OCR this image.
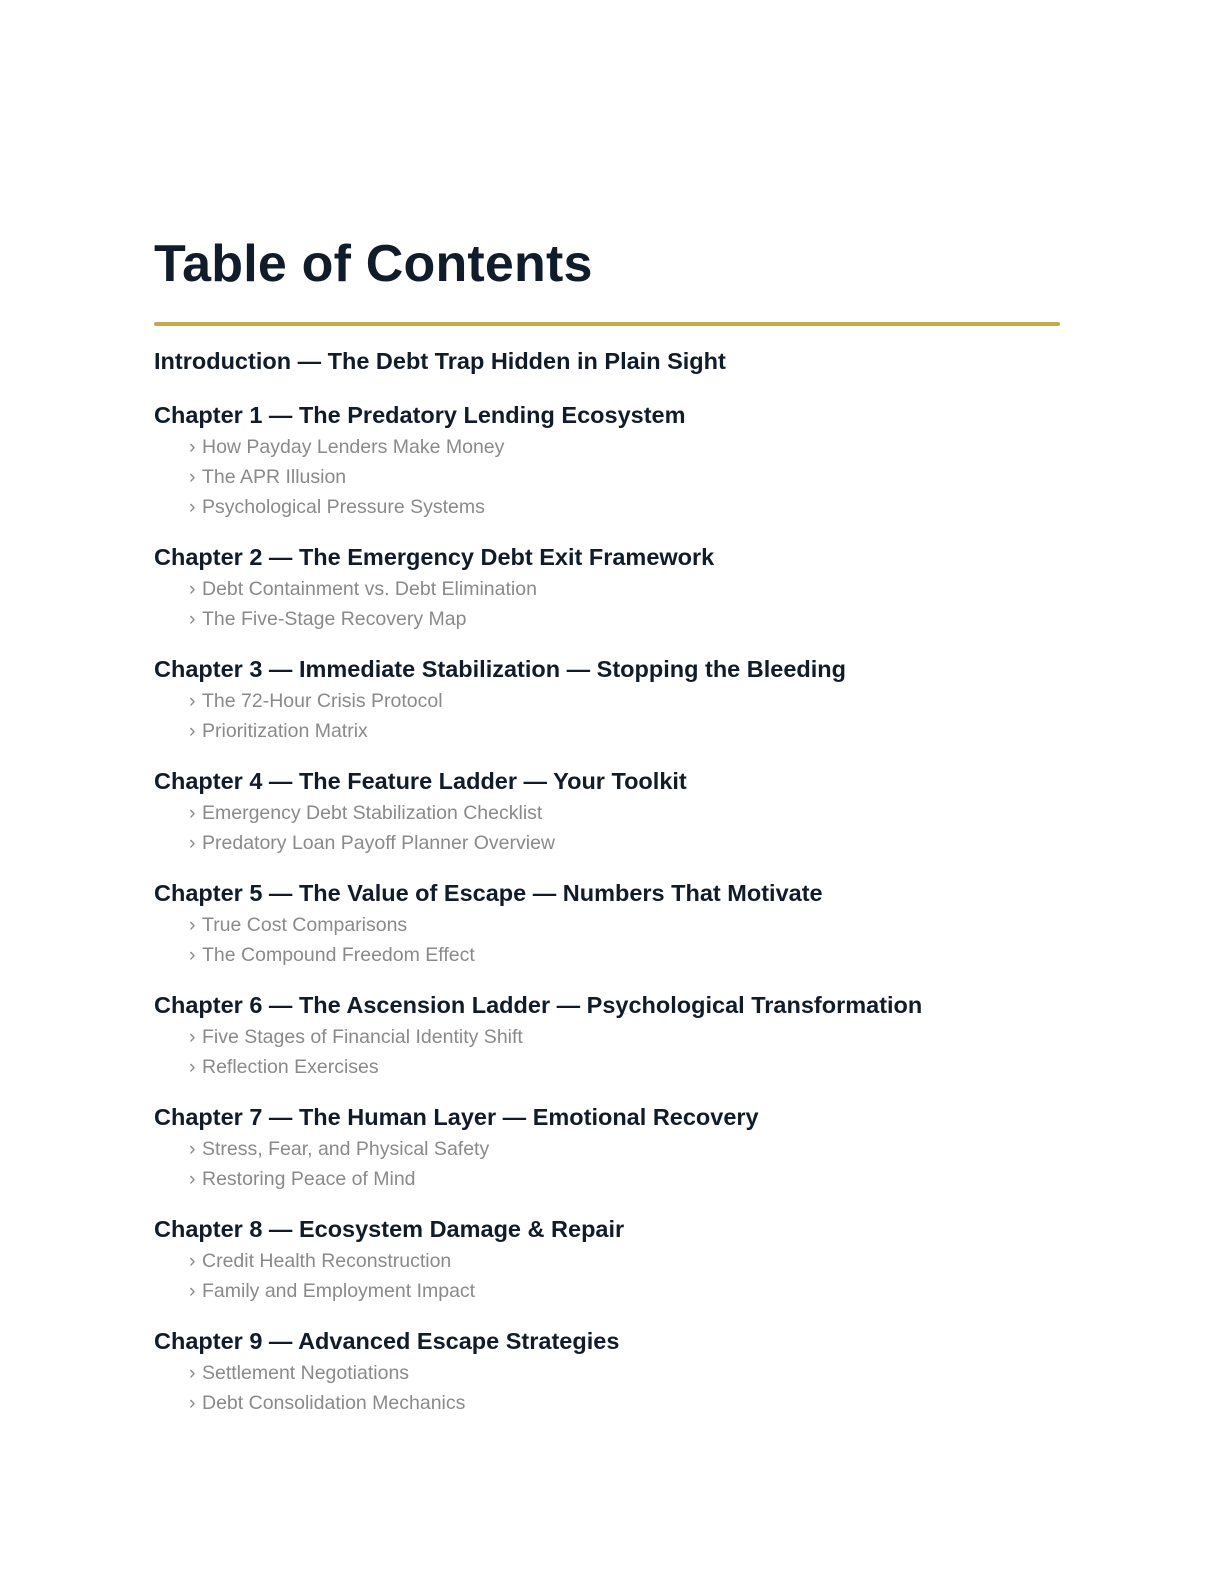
Table of Contents
Introduction — The Debt Trap Hidden in Plain Sight
Chapter 1 — The Predatory Lending Ecosystem
› How Payday Lenders Make Money
› The APR Illusion
› Psychological Pressure Systems
Chapter 2 — The Emergency Debt Exit Framework
› Debt Containment vs. Debt Elimination
› The Five-Stage Recovery Map
Chapter 3 — Immediate Stabilization — Stopping the Bleeding
› The 72-Hour Crisis Protocol
› Prioritization Matrix
Chapter 4 — The Feature Ladder — Your Toolkit
› Emergency Debt Stabilization Checklist
› Predatory Loan Payoff Planner Overview
Chapter 5 — The Value of Escape — Numbers That Motivate
› True Cost Comparisons
› The Compound Freedom Effect
Chapter 6 — The Ascension Ladder — Psychological Transformation
› Five Stages of Financial Identity Shift
› Reflection Exercises
Chapter 7 — The Human Layer — Emotional Recovery
› Stress, Fear, and Physical Safety
› Restoring Peace of Mind
Chapter 8 — Ecosystem Damage & Repair
› Credit Health Reconstruction
› Family and Employment Impact
Chapter 9 — Advanced Escape Strategies
› Settlement Negotiations
› Debt Consolidation Mechanics
